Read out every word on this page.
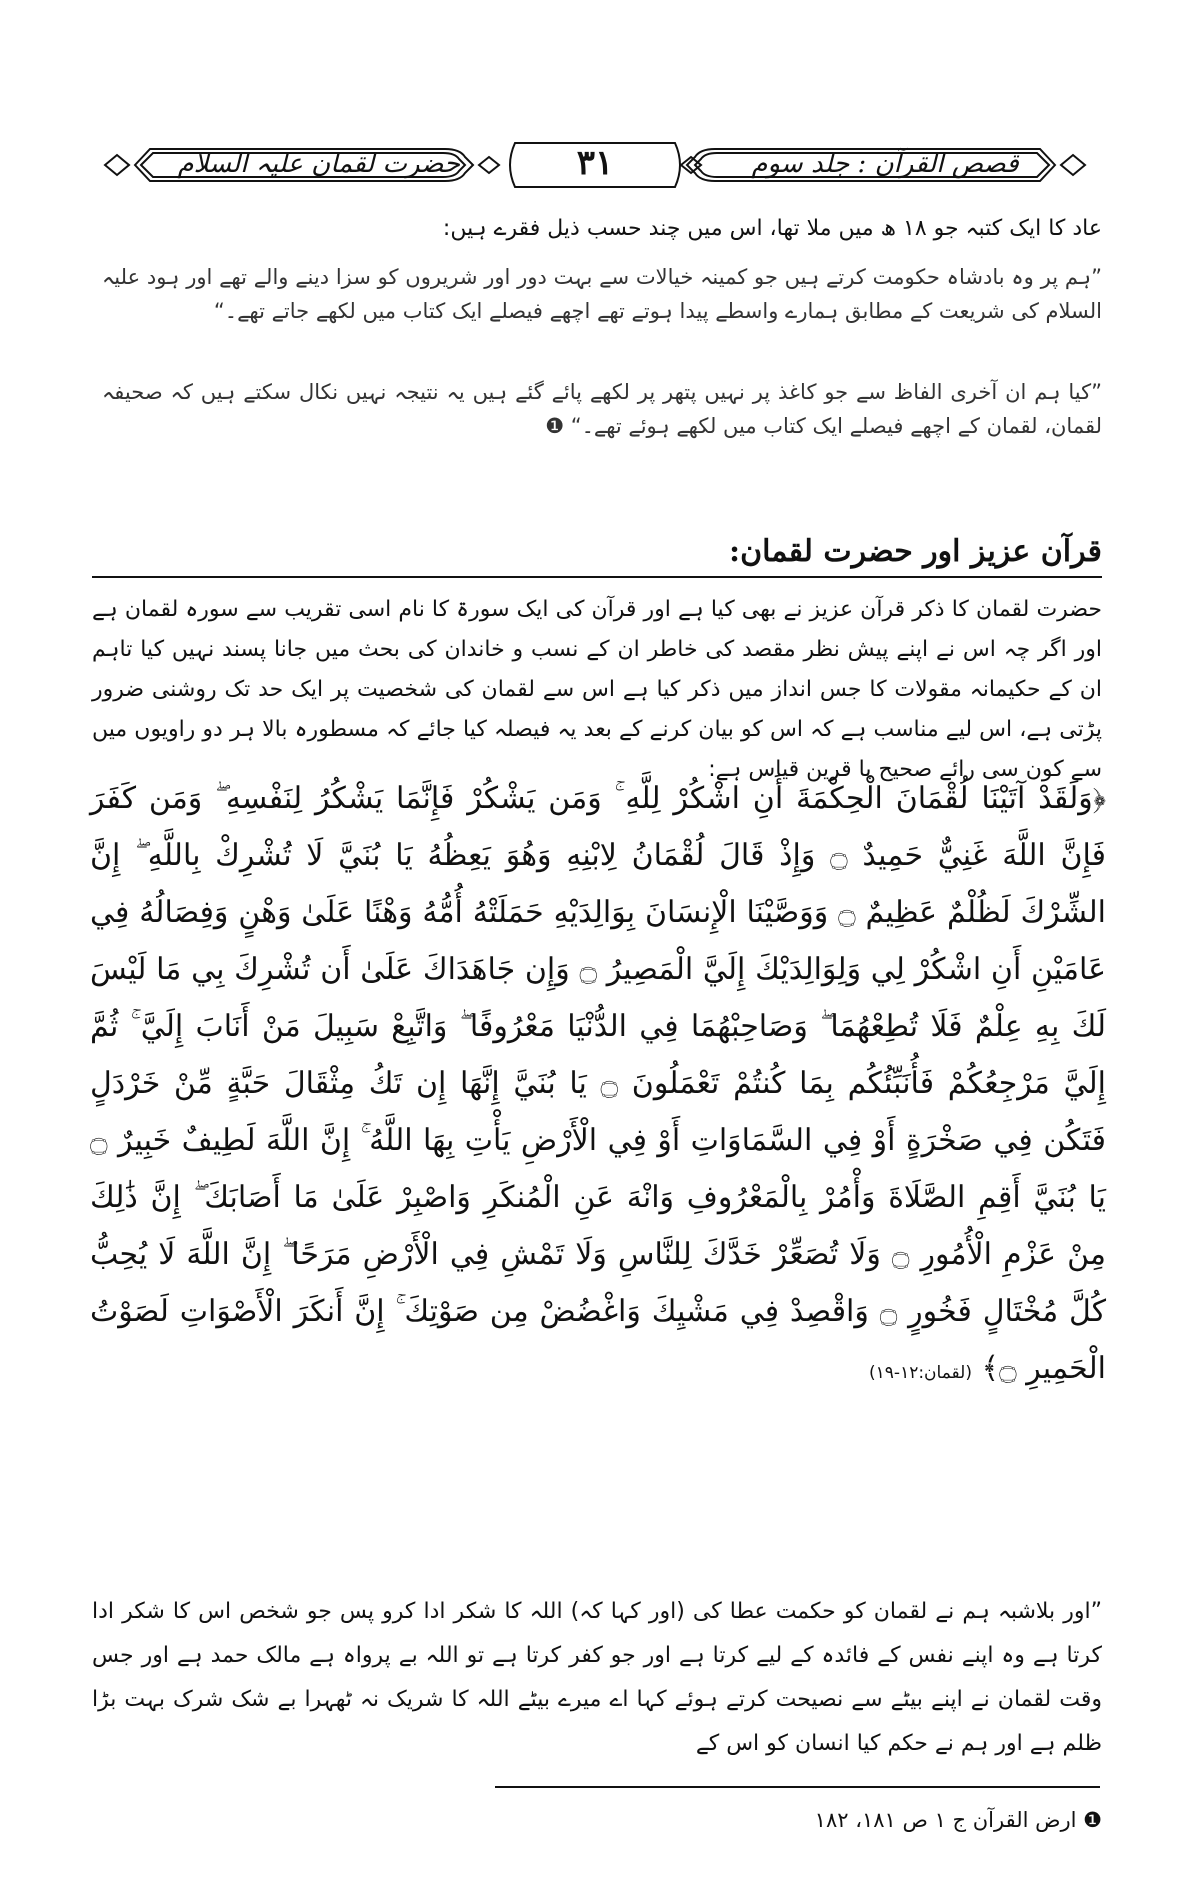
حضرت لقمان علیہ السلام	۳۱	قصص القرآن : جلد سوم
عاد کا ایک کتبہ جو ۱۸ ھ میں ملا تھا، اس میں چند حسب ذیل فقرے ہیں:
”ہم پر وہ بادشاہ حکومت کرتے ہیں جو کمینہ خیالات سے بہت دور اور شریروں کو سزا دینے والے تھے اور ہود علیہ السلام کی شریعت کے مطابق ہمارے واسطے پیدا ہوتے تھے اچھے فیصلے ایک کتاب میں لکھے جاتے تھے۔“
”کیا ہم ان آخری الفاظ سے جو کاغذ پر نہیں پتھر پر لکھے پائے گئے ہیں یہ نتیجہ نہیں نکال سکتے ہیں کہ صحیفہ لقمان، لقمان کے اچھے فیصلے ایک کتاب میں لکھے ہوئے تھے۔“ ❶
قرآن عزیز اور حضرت لقمان:
حضرت لقمان کا ذکر قرآن عزیز نے بھی کیا ہے اور قرآن کی ایک سورۃ کا نام اسی تقریب سے سورہ لقمان ہے اور اگر چہ اس نے اپنے پیش نظر مقصد کی خاطر ان کے نسب و خاندان کی بحث میں جانا پسند نہیں کیا تاہم ان کے حکیمانہ مقولات کا جس انداز میں ذکر کیا ہے اس سے لقمان کی شخصیت پر ایک حد تک روشنی ضرور پڑتی ہے، اس لیے مناسب ہے کہ اس کو بیان کرنے کے بعد یہ فیصلہ کیا جائے کہ مسطورہ بالا ہر دو راویوں میں سے کون سی رائے صحیح یا قرین قیاس ہے:
﴿وَلَقَدْ آتَيْنَا لُقْمَانَ الْحِكْمَةَ أَنِ اشْكُرْ لِلَّهِ ۚ وَمَن يَشْكُرْ فَإِنَّمَا يَشْكُرُ لِنَفْسِهِ ۖ وَمَن كَفَرَ فَإِنَّ اللَّهَ غَنِيٌّ حَمِيدٌ ۝ وَإِذْ قَالَ لُقْمَانُ لِابْنِهِ وَهُوَ يَعِظُهُ يَا بُنَيَّ لَا تُشْرِكْ بِاللَّهِ ۖ إِنَّ الشِّرْكَ لَظُلْمٌ عَظِيمٌ ۝ وَوَصَّيْنَا الْإِنسَانَ بِوَالِدَيْهِ حَمَلَتْهُ أُمُّهُ وَهْنًا عَلَىٰ وَهْنٍ وَفِصَالُهُ فِي عَامَيْنِ أَنِ اشْكُرْ لِي وَلِوَالِدَيْكَ إِلَيَّ الْمَصِيرُ ۝ وَإِن جَاهَدَاكَ عَلَىٰ أَن تُشْرِكَ بِي مَا لَيْسَ لَكَ بِهِ عِلْمٌ فَلَا تُطِعْهُمَا ۖ وَصَاحِبْهُمَا فِي الدُّنْيَا مَعْرُوفًا ۖ وَاتَّبِعْ سَبِيلَ مَنْ أَنَابَ إِلَيَّ ۚ ثُمَّ إِلَيَّ مَرْجِعُكُمْ فَأُنَبِّئُكُم بِمَا كُنتُمْ تَعْمَلُونَ ۝ يَا بُنَيَّ إِنَّهَا إِن تَكُ مِثْقَالَ حَبَّةٍ مِّنْ خَرْدَلٍ فَتَكُن فِي صَخْرَةٍ أَوْ فِي السَّمَاوَاتِ أَوْ فِي الْأَرْضِ يَأْتِ بِهَا اللَّهُ ۚ إِنَّ اللَّهَ لَطِيفٌ خَبِيرٌ ۝ يَا بُنَيَّ أَقِمِ الصَّلَاةَ وَأْمُرْ بِالْمَعْرُوفِ وَانْهَ عَنِ الْمُنكَرِ وَاصْبِرْ عَلَىٰ مَا أَصَابَكَ ۖ إِنَّ ذَٰلِكَ مِنْ عَزْمِ الْأُمُورِ ۝ وَلَا تُصَعِّرْ خَدَّكَ لِلنَّاسِ وَلَا تَمْشِ فِي الْأَرْضِ مَرَحًا ۖ إِنَّ اللَّهَ لَا يُحِبُّ كُلَّ مُخْتَالٍ فَخُورٍ ۝ وَاقْصِدْ فِي مَشْيِكَ وَاغْضُضْ مِن صَوْتِكَ ۚ إِنَّ أَنكَرَ الْأَصْوَاتِ لَصَوْتُ الْحَمِيرِ ۝﴾ (لقمان:۱۲-۱۹)
”اور بلاشبہ ہم نے لقمان کو حکمت عطا کی (اور کہا کہ) اللہ کا شکر ادا کرو پس جو شخص اس کا شکر ادا کرتا ہے وہ اپنے نفس کے فائدہ کے لیے کرتا ہے اور جو کفر کرتا ہے تو اللہ بے پرواہ ہے مالک حمد ہے اور جس وقت لقمان نے اپنے بیٹے سے نصیحت کرتے ہوئے کہا اے میرے بیٹے اللہ کا شریک نہ ٹھہرا بے شک شرک بہت بڑا ظلم ہے اور ہم نے حکم کیا انسان کو اس کے
❶ ارض القرآن ج ۱ ص ۱۸۱، ۱۸۲
